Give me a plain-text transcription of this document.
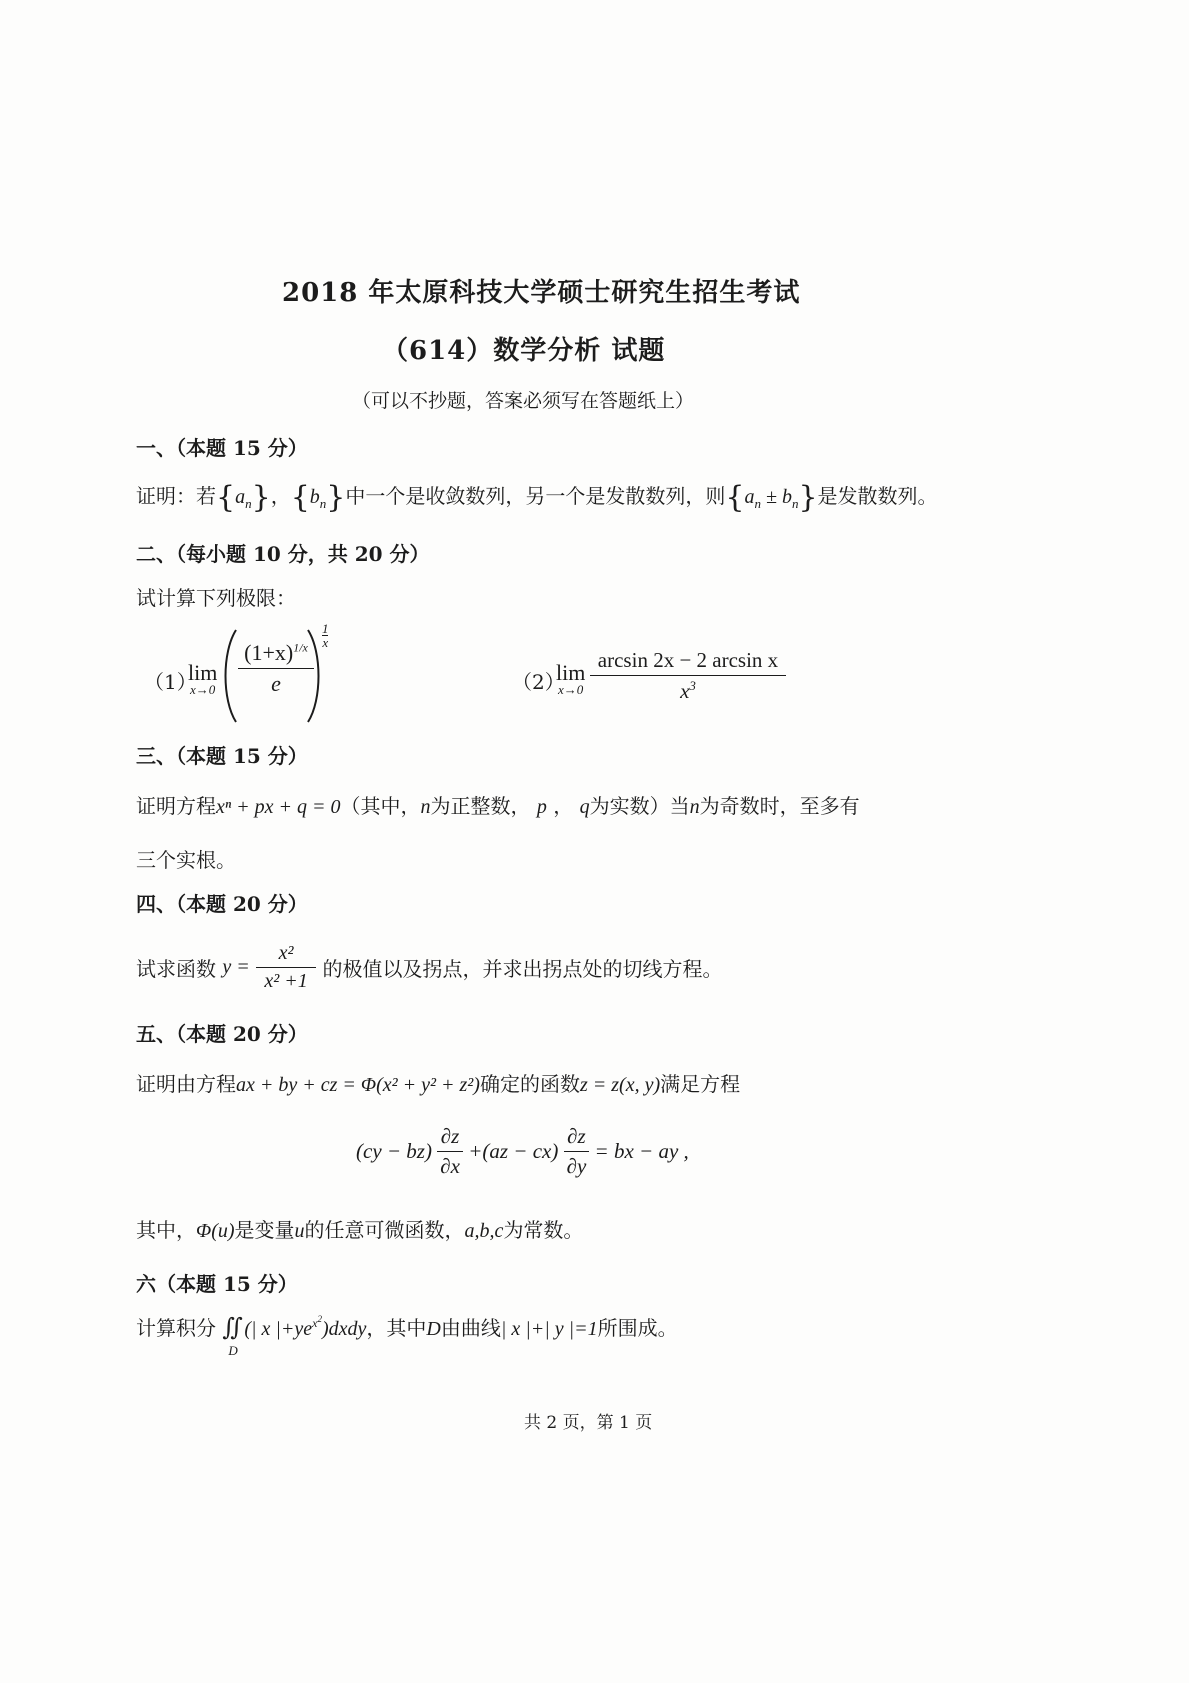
2018 年太原科技大学硕士研究生招生考试
（614）数学分析 试题
（可以不抄题，答案必须写在答题纸上）
一、（本题 15 分）
证明：若$\{a_n\}$，$\{b_n\}$中一个是收敛数列，另一个是发散数列，则$\{a_n \pm b_n\}$是发散数列。
二、（每小题 10 分，共 20 分）
试计算下列极限：
（1）
lim
$x\to 0 \frac{(1+x)^{1/x}}{e}$
1
x
（2）
lim
$x\to 0 \frac{\text{arcsin 2x − 2 arcsin x}}{x^3}$
三、（本题 15 分）
证明方程xⁿ + px + q = 0（其中，n为正整数， p ， q为实数）当n为奇数时，至多有
三个实根。
四、（本题 20 分）
试求函数 $y = \frac{\text{x²}}{\text{x² +1}}$ 的极值以及拐点，并求出拐点处的切线方程。
五、（本题 20 分）
证明由方程ax + by + cz = Φ(x² + y² + z²)确定的函数z = z(x, y)满足方程
$(cy - bz) \frac{\partial z}{\partial x} +(az - cx) \frac{\partial z}{\partial y}$ = bx − ay ,
其中，Φ(u)是变量u的任意可微函数，a,b,c为常数。
六（本题 15 分）
计算积分 ∬
D
(| x $|+ye^{x^2})dxdy$，其中D由曲线| x |+| y |=1所围成。
共 2 页，第 1 页
